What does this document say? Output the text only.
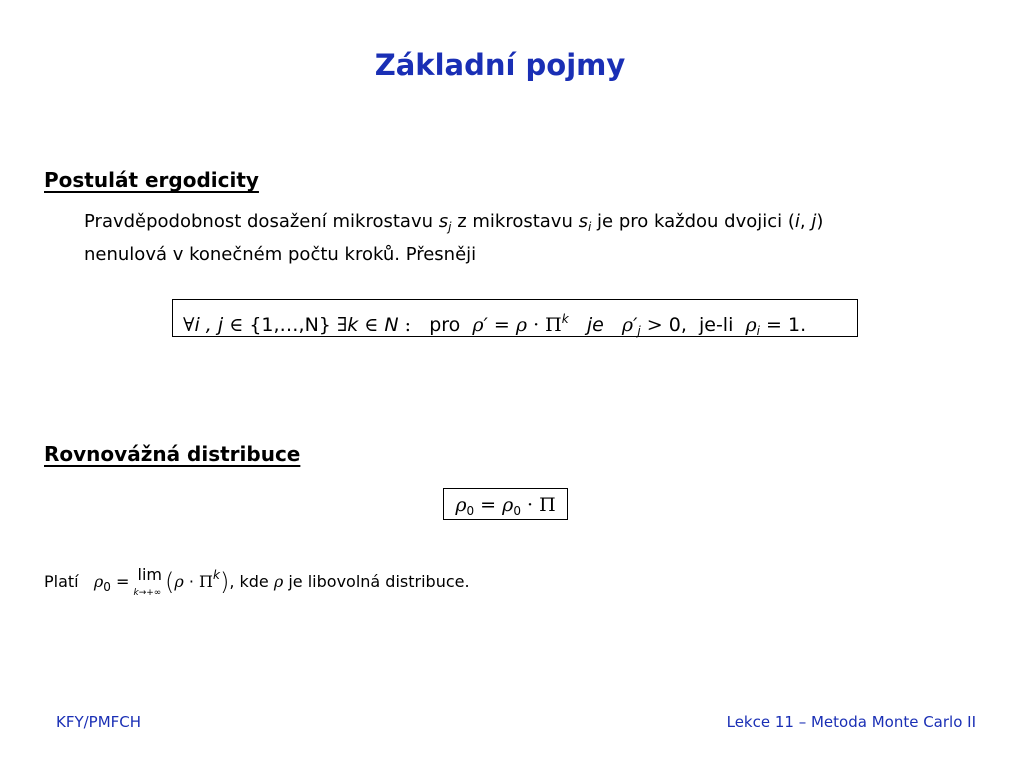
Základní pojmy
Postulát ergodicity
Pravděpodobnost dosažení mikrostavu $s_j$ z mikrostavu $s_i$ je pro každou dvojici (i, j)
nenulová v konečném počtu kroků. Přesněji
∀i , j ∈ {1,…,N} ∃k ∈ N : pro $\rho' = \rho \cdot \Pi^k$ je $\rho'_j > 0$, je-li $\rho_i = 1$.
Rovnovážná distribuce
$\rho_0 = \rho_0 \cdot \Pi$
Platí $\rho_0 = \lim$
k→+∞ $(\rho \cdot \Pi^k)$, kde ρ je libovolná distribuce.
KFY/PMFCH	Lekce 11 – Metoda Monte Carlo II
